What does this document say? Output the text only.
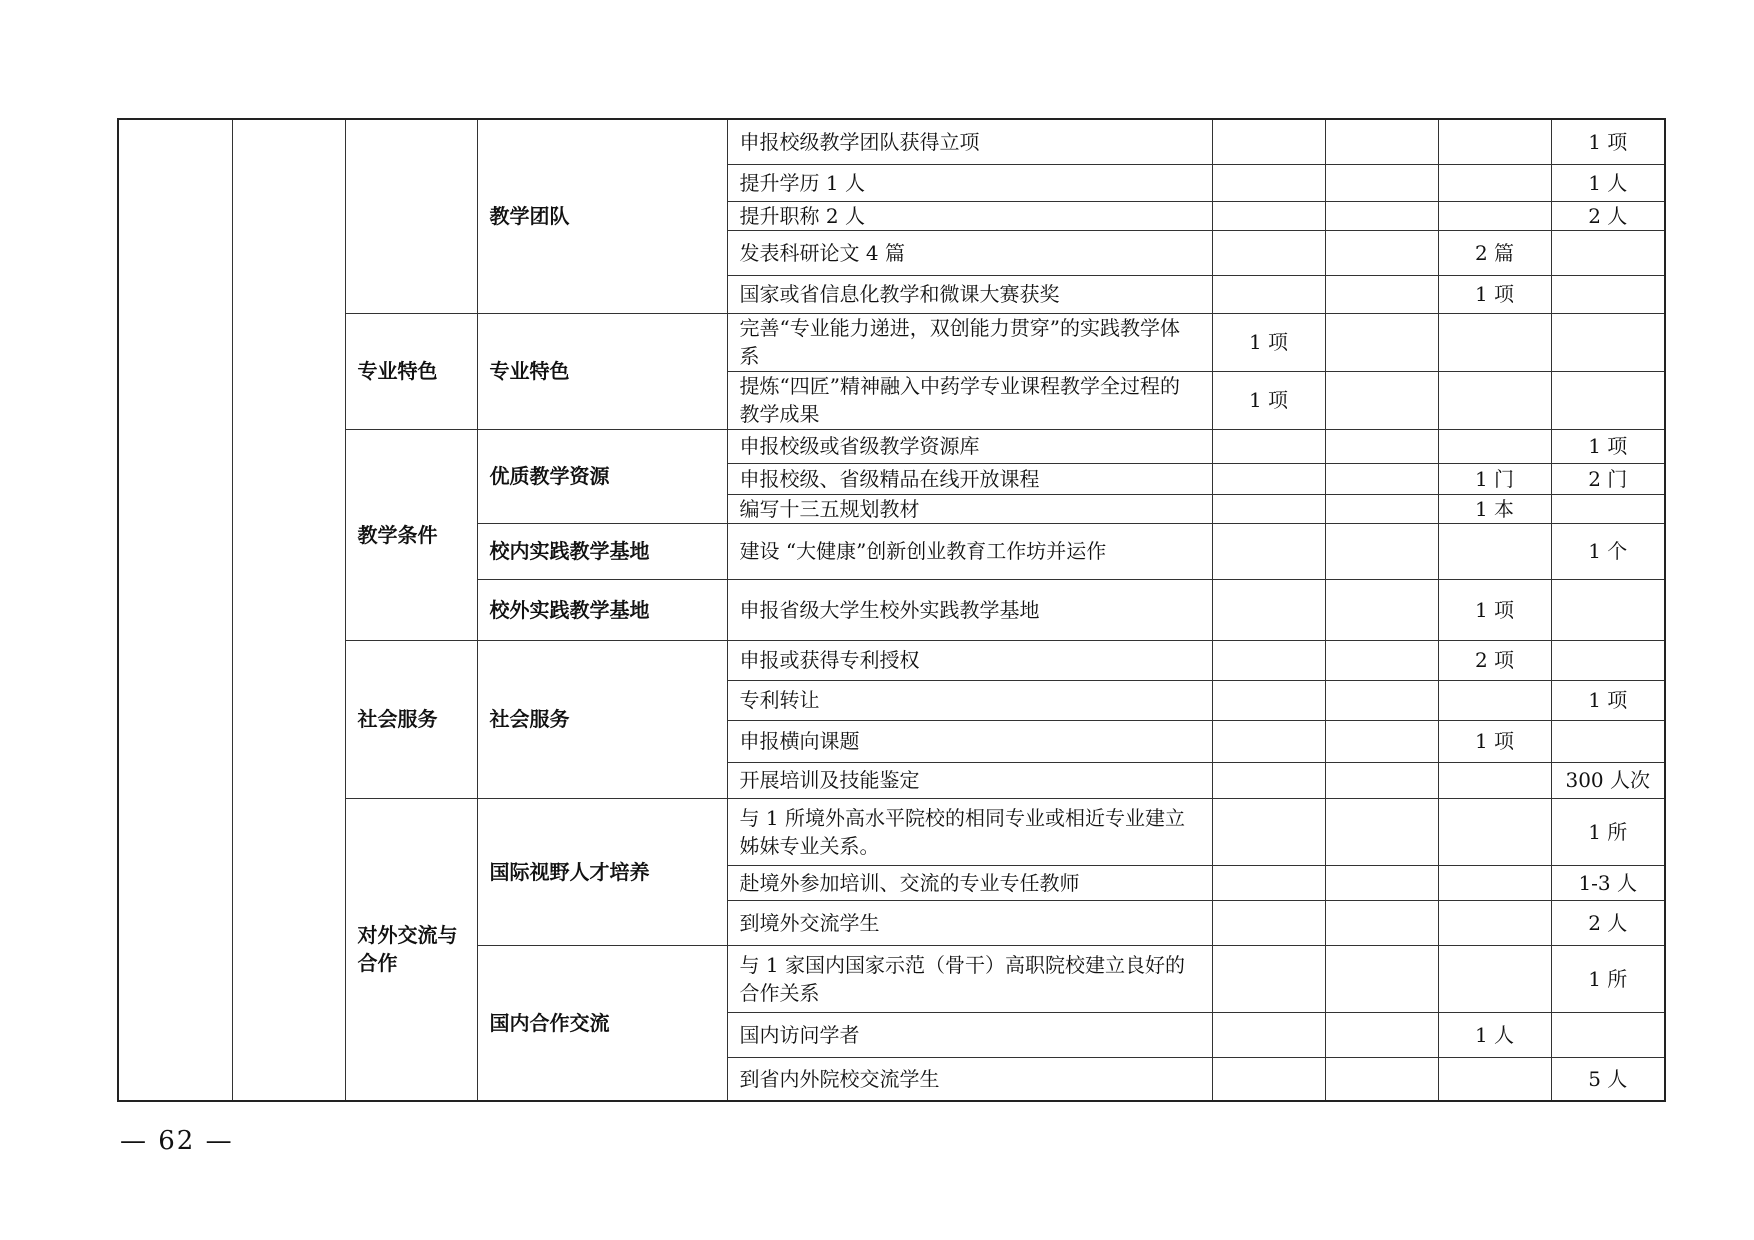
			教学团队	申报校级教学团队获得立项				1 项
				提升学历 1 人				1 人
				提升职称 2 人				2 人
				发表科研论文 4 篇			2 篇	
				国家或省信息化教学和微课大赛获奖			1 项	
		专业特色	专业特色	完善“专业能力递进，双创能力贯穿”的实践教学体系	1 项			
				提炼“四匠”精神融入中药学专业课程教学全过程的教学成果	1 项			
		教学条件	优质教学资源	申报校级或省级教学资源库				1 项
				申报校级、省级精品在线开放课程			1 门	2 门
				编写十三五规划教材			1 本	
			校内实践教学基地	建设 “大健康”创新创业教育工作坊并运作				1 个
			校外实践教学基地	申报省级大学生校外实践教学基地			1 项	
		社会服务	社会服务	申报或获得专利授权			2 项	
				专利转让				1 项
				申报横向课题			1 项	
				开展培训及技能鉴定				300 人次
		对外交流与合作	国际视野人才培养	与 1 所境外高水平院校的相同专业或相近专业建立姊妹专业关系。				1 所
				赴境外参加培训、交流的专业专任教师				1-3 人
				到境外交流学生				2 人
			国内合作交流	与 1 家国内国家示范（骨干）高职院校建立良好的合作关系				1 所
				国内访问学者			1 人	
				到省内外院校交流学生				5 人
— 62 —
